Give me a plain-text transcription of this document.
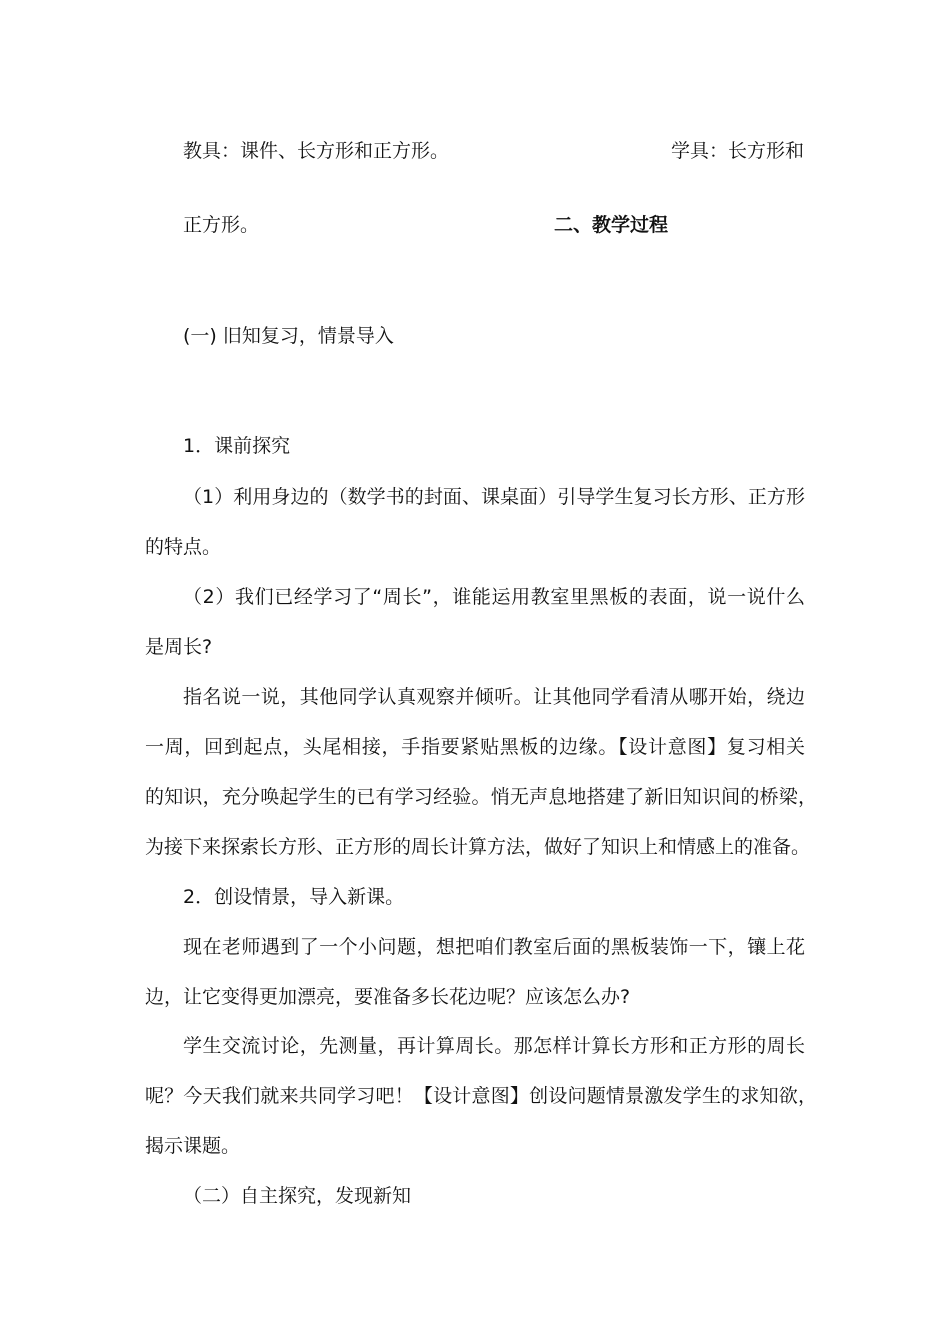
教具：课件、长方形和正方形。	学具：长方形和
正方形。	二、教学过程
(一) 旧知复习，情景导入
1．课前探究
（1）利用身边的（数学书的封面、课桌面）引导学生复习长方形、正方形
的特点。
（2）我们已经学习了“周长”，谁能运用教室里黑板的表面，说一说什么
是周长?
指名说一说，其他同学认真观察并倾听。让其他同学看清从哪开始，绕边
一周，回到起点，头尾相接，手指要紧贴黑板的边缘。【设计意图】复习相关
的知识，充分唤起学生的已有学习经验。悄无声息地搭建了新旧知识间的桥梁，
为接下来探索长方形、正方形的周长计算方法，做好了知识上和情感上的准备。
2．创设情景，导入新课。
现在老师遇到了一个小问题，想把咱们教室后面的黑板装饰一下，镶上花
边，让它变得更加漂亮，要准备多长花边呢？应该怎么办?
学生交流讨论，先测量，再计算周长。那怎样计算长方形和正方形的周长
呢？今天我们就来共同学习吧！【设计意图】创设问题情景激发学生的求知欲，
揭示课题。
（二）自主探究，发现新知
